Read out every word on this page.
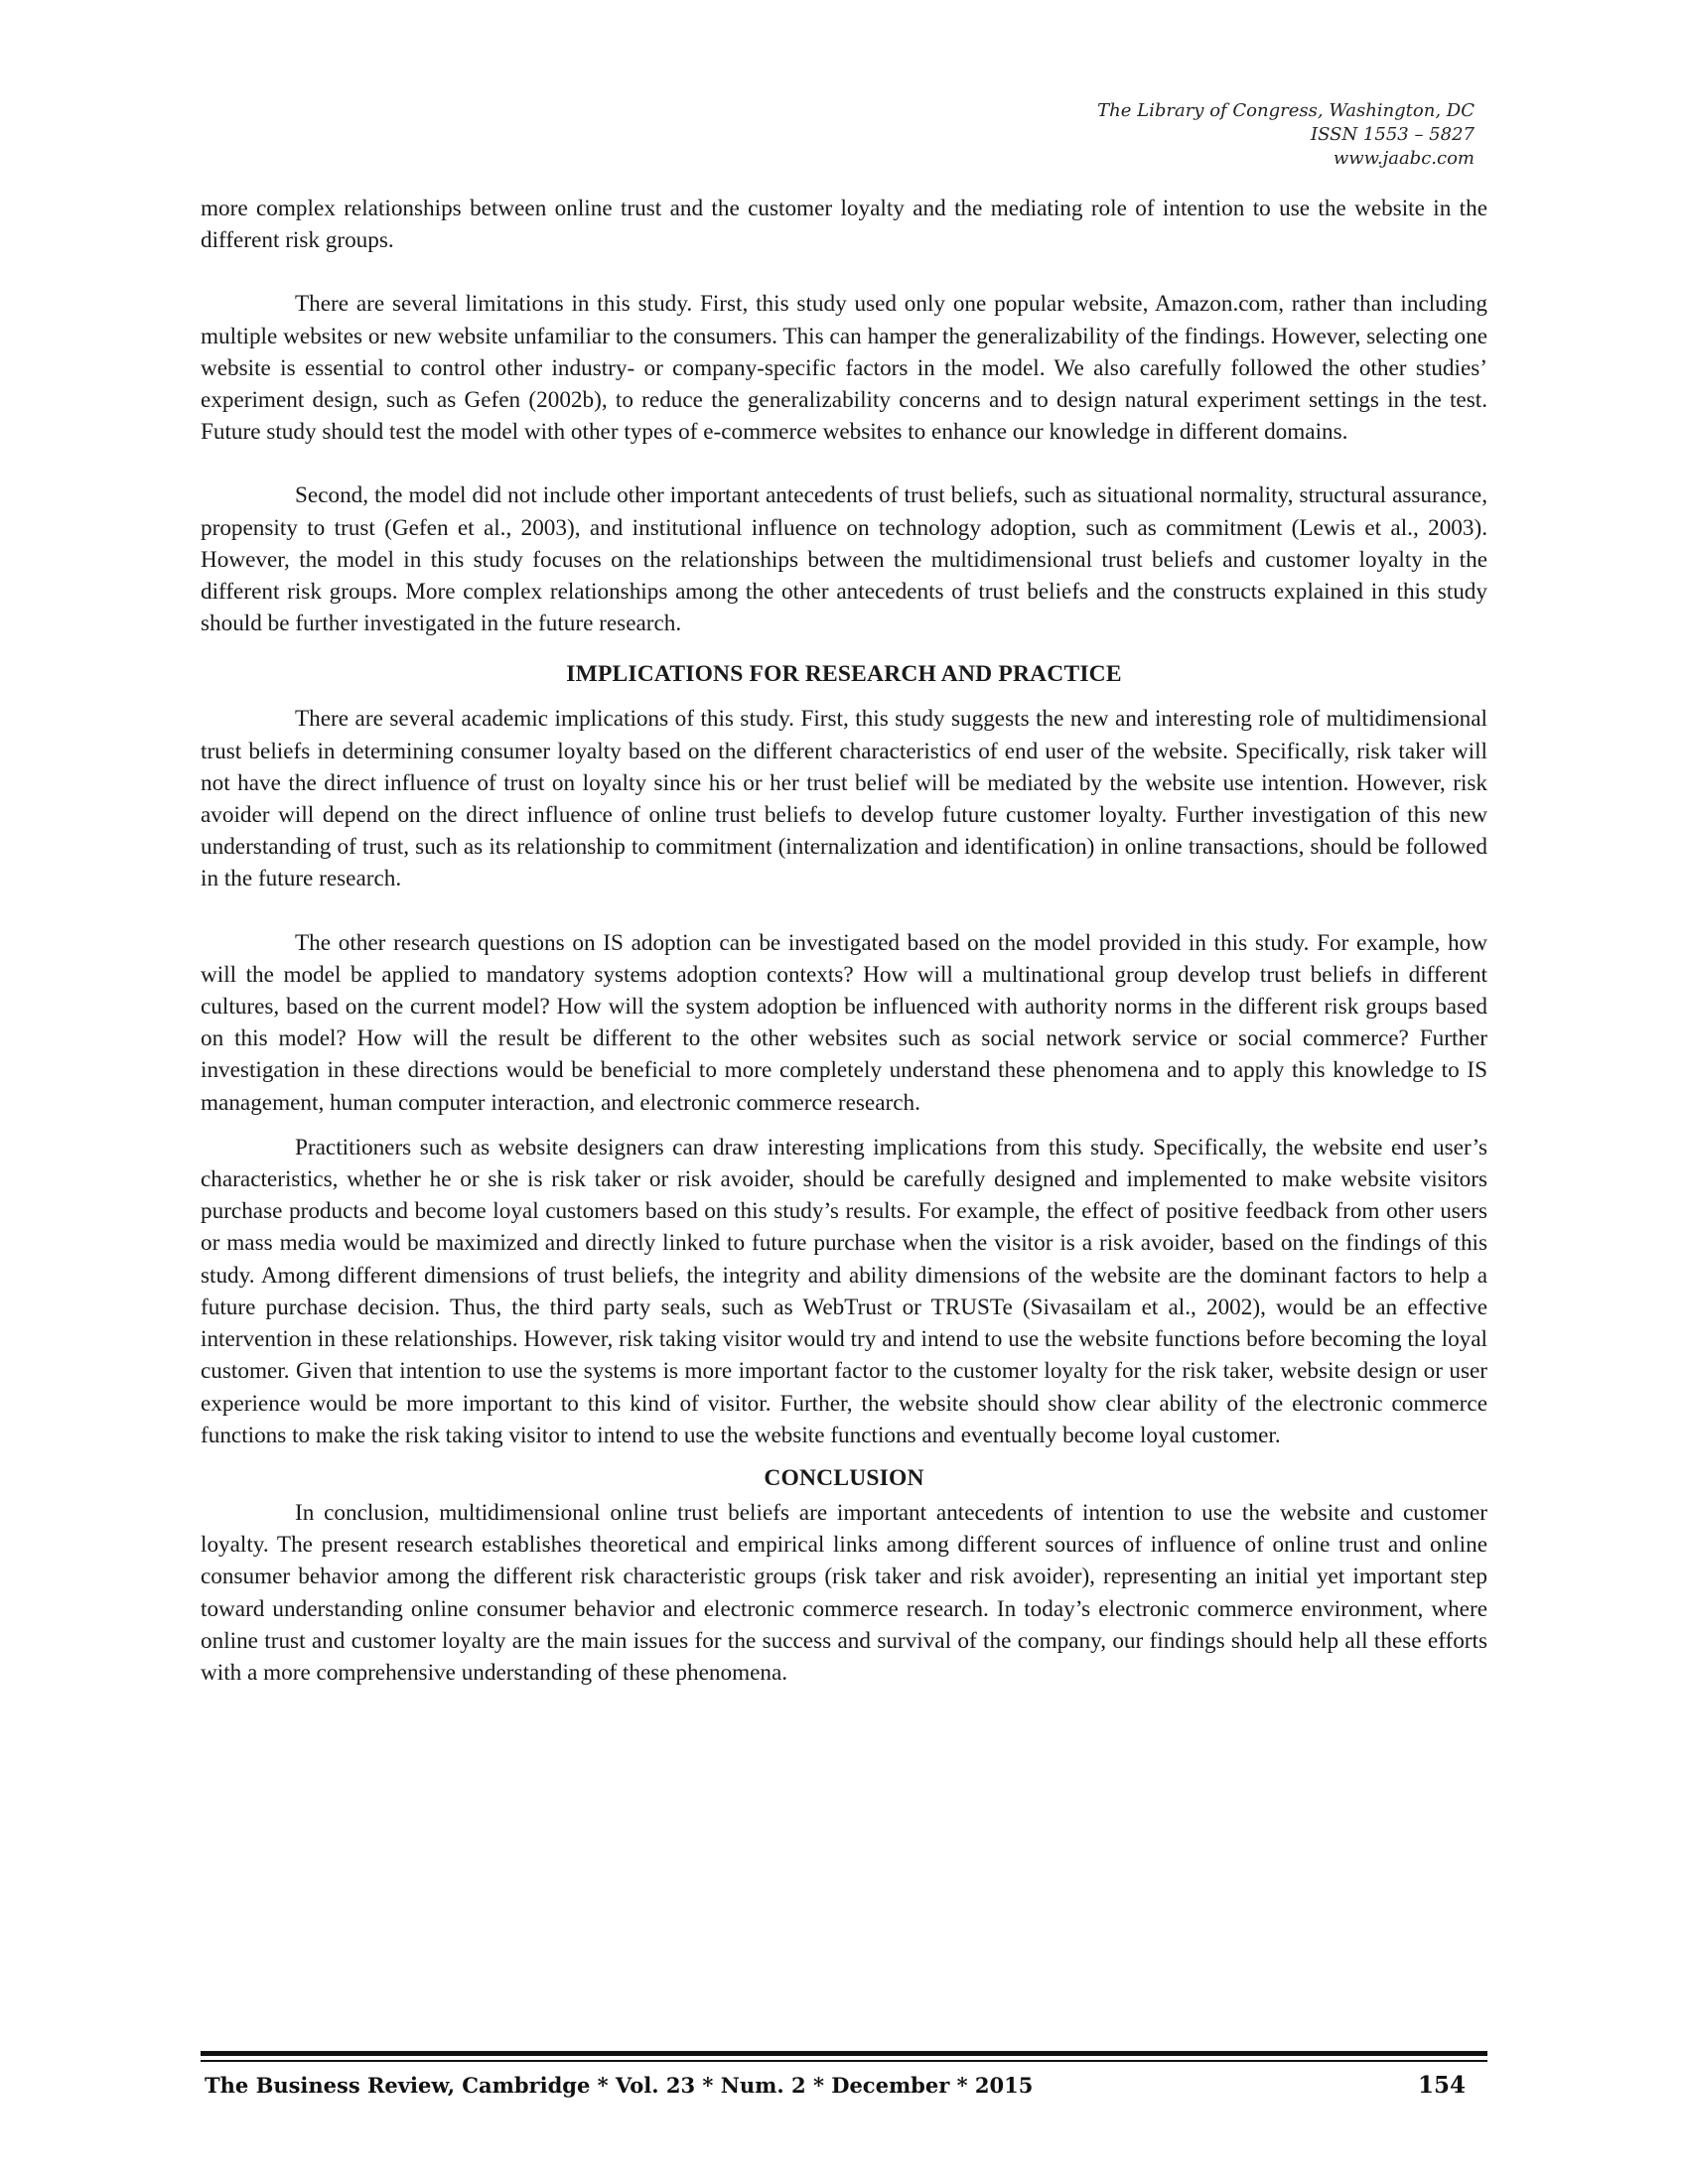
The Library of Congress, Washington, DC
ISSN 1553 – 5827
www.jaabc.com

more complex relationships between online trust and the customer loyalty and the mediating role of intention to use the website in the different risk groups.

There are several limitations in this study. First, this study used only one popular website, Amazon.com, rather than including multiple websites or new website unfamiliar to the consumers. This can hamper the generalizability of the findings. However, selecting one website is essential to control other industry- or company-specific factors in the model. We also carefully followed the other studies’ experiment design, such as Gefen (2002b), to reduce the generalizability concerns and to design natural experiment settings in the test. Future study should test the model with other types of e-commerce websites to enhance our knowledge in different domains.

Second, the model did not include other important antecedents of trust beliefs, such as situational normality, structural assurance, propensity to trust (Gefen et al., 2003), and institutional influence on technology adoption, such as commitment (Lewis et al., 2003). However, the model in this study focuses on the relationships between the multidimensional trust beliefs and customer loyalty in the different risk groups. More complex relationships among the other antecedents of trust beliefs and the constructs explained in this study should be further investigated in the future research.

IMPLICATIONS FOR RESEARCH AND PRACTICE

There are several academic implications of this study. First, this study suggests the new and interesting role of multidimensional trust beliefs in determining consumer loyalty based on the different characteristics of end user of the website. Specifically, risk taker will not have the direct influence of trust on loyalty since his or her trust belief will be mediated by the website use intention. However, risk avoider will depend on the direct influence of online trust beliefs to develop future customer loyalty. Further investigation of this new understanding of trust, such as its relationship to commitment (internalization and identification) in online transactions, should be followed in the future research.

The other research questions on IS adoption can be investigated based on the model provided in this study. For example, how will the model be applied to mandatory systems adoption contexts? How will a multinational group develop trust beliefs in different cultures, based on the current model? How will the system adoption be influenced with authority norms in the different risk groups based on this model? How will the result be different to the other websites such as social network service or social commerce? Further investigation in these directions would be beneficial to more completely understand these phenomena and to apply this knowledge to IS management, human computer interaction, and electronic commerce research.

Practitioners such as website designers can draw interesting implications from this study. Specifically, the website end user’s characteristics, whether he or she is risk taker or risk avoider, should be carefully designed and implemented to make website visitors purchase products and become loyal customers based on this study’s results. For example, the effect of positive feedback from other users or mass media would be maximized and directly linked to future purchase when the visitor is a risk avoider, based on the findings of this study. Among different dimensions of trust beliefs, the integrity and ability dimensions of the website are the dominant factors to help a future purchase decision. Thus, the third party seals, such as WebTrust or TRUSTe (Sivasailam et al., 2002), would be an effective intervention in these relationships. However, risk taking visitor would try and intend to use the website functions before becoming the loyal customer. Given that intention to use the systems is more important factor to the customer loyalty for the risk taker, website design or user experience would be more important to this kind of visitor. Further, the website should show clear ability of the electronic commerce functions to make the risk taking visitor to intend to use the website functions and eventually become loyal customer.

CONCLUSION

In conclusion, multidimensional online trust beliefs are important antecedents of intention to use the website and customer loyalty. The present research establishes theoretical and empirical links among different sources of influence of online trust and online consumer behavior among the different risk characteristic groups (risk taker and risk avoider), representing an initial yet important step toward understanding online consumer behavior and electronic commerce research. In today’s electronic commerce environment, where online trust and customer loyalty are the main issues for the success and survival of the company, our findings should help all these efforts with a more comprehensive understanding of these phenomena.

The Business Review, Cambridge * Vol. 23 * Num. 2 * December * 2015	154
